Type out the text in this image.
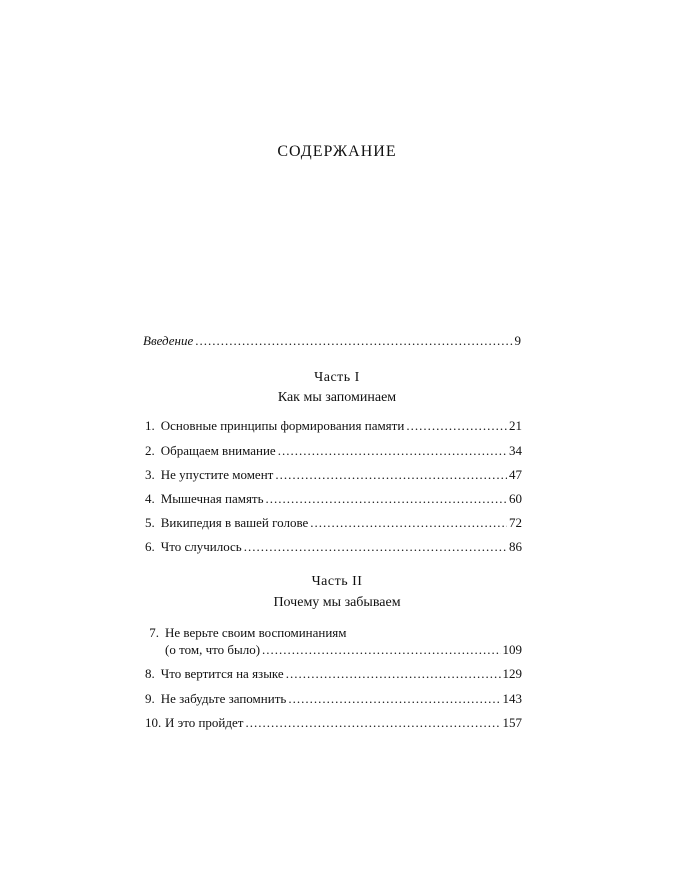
СОДЕРЖАНИЕ
Введение .....	9
Часть I
Как мы запоминаем
1. Основные принципы формирования памяти .....	21
2. Обращаем внимание .....	34
3. Не упустите момент .....	47
4. Мышечная память .....	60
5. Википедия в вашей голове .....	72
6. Что случилось .....	86
Часть II
Почему мы забываем
7. Не верьте своим воспоминаниям
(о том, что было) .....	109
8. Что вертится на языке .....	129
9. Не забудьте запомнить .....	143
10. И это пройдет .....	157
